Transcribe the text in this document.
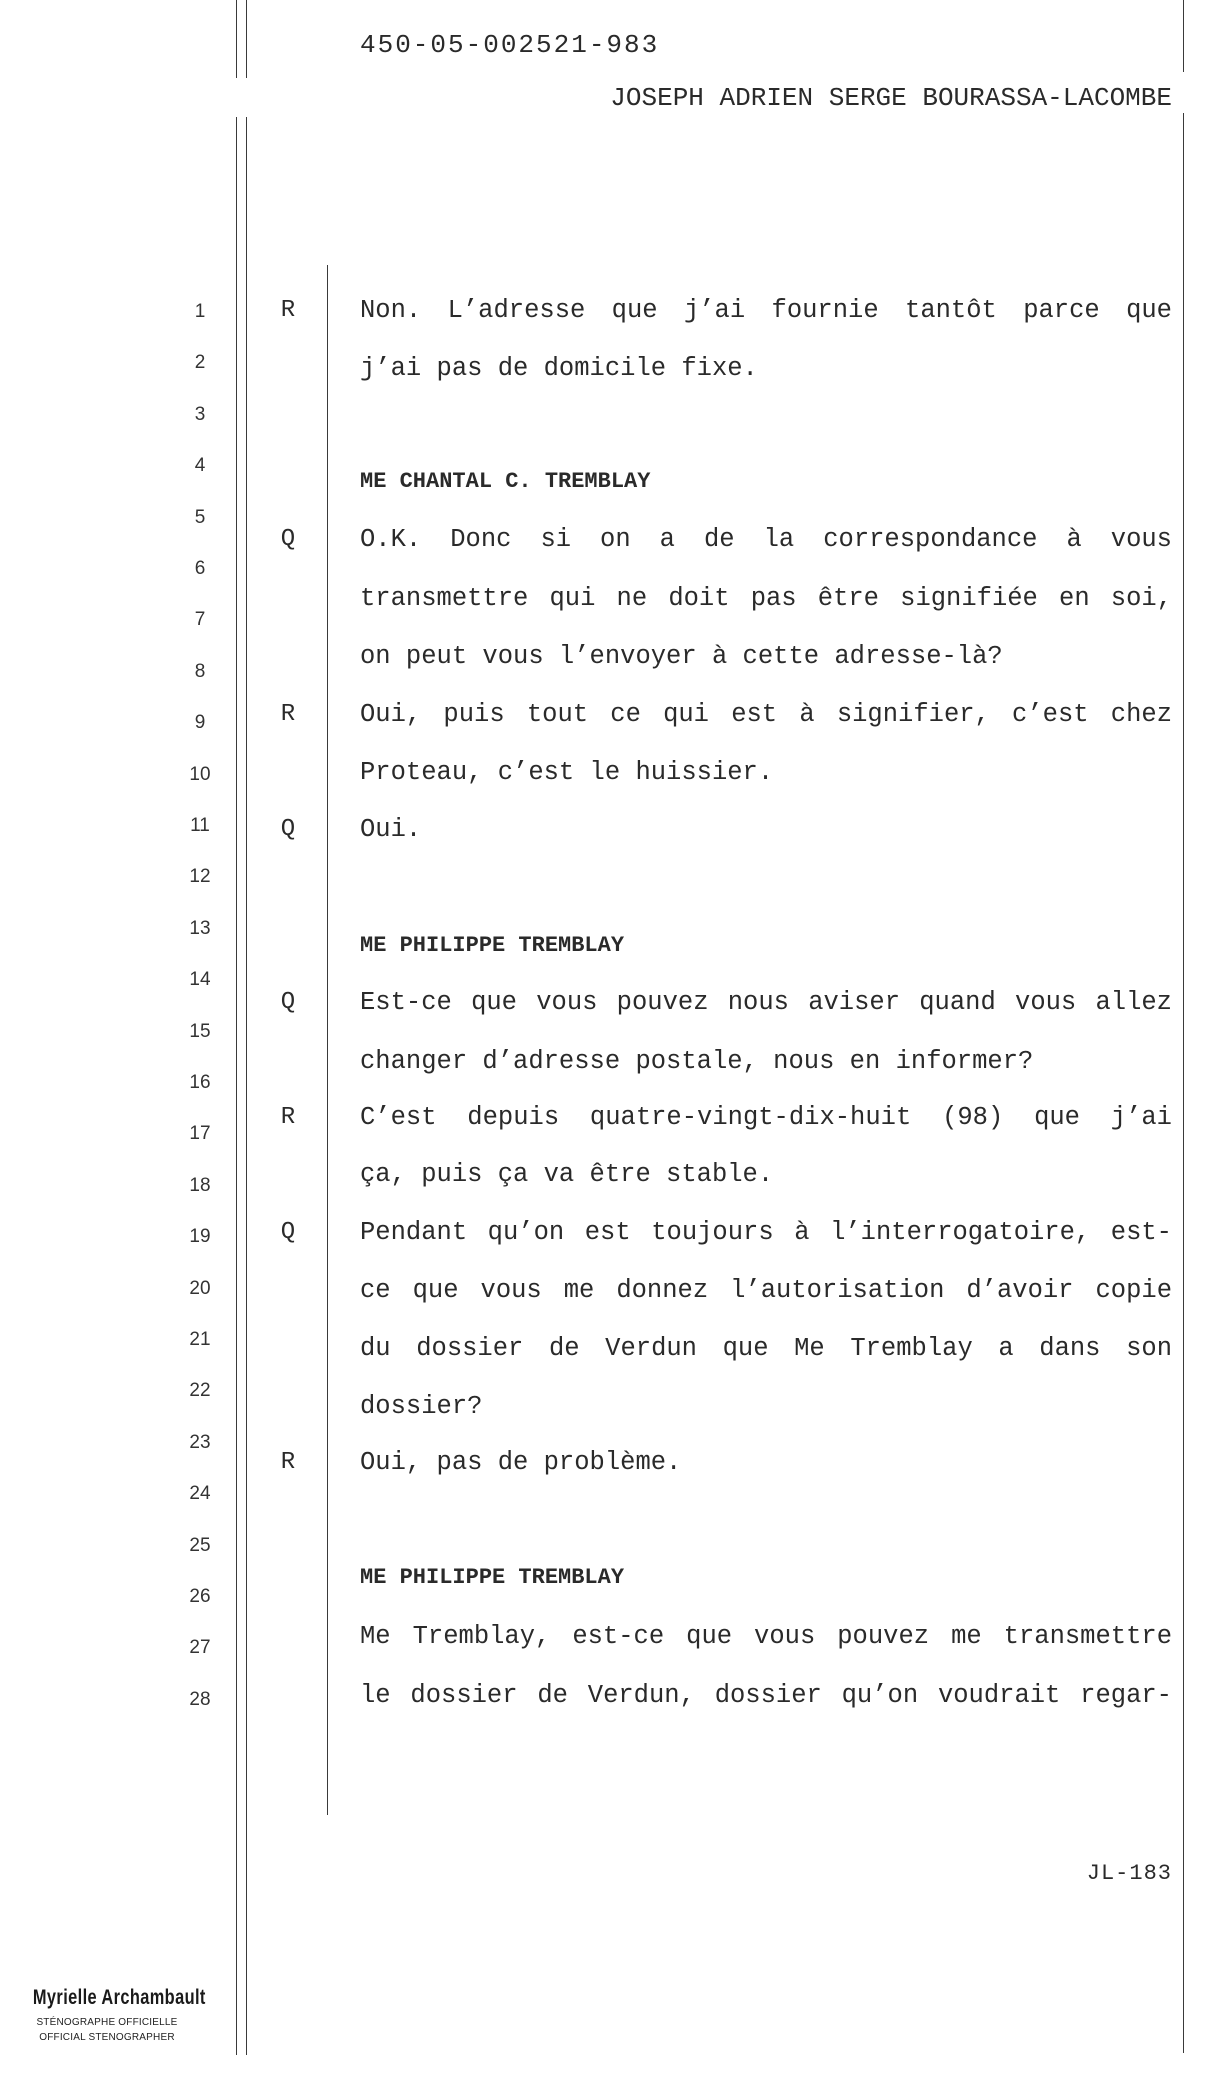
450-05-002521-983
JOSEPH ADRIEN SERGE BOURASSA-LACOMBE
1
2
3
4
5
6
7
8
9
10
11
12
13
14
15
16
17
18
19
20
21
22
23
24
25
26
27
28
R	Non. L’adresse que j’ai fournie tantôt parce que
j’ai pas de domicile fixe.
ME CHANTAL C. TREMBLAY
Q	O.K. Donc si on a de la correspondance à vous
transmettre qui ne doit pas être signifiée en soi,
on peut vous l’envoyer à cette adresse-là?
R	Oui, puis tout ce qui est à signifier, c’est chez
Proteau, c’est le huissier.
Q	Oui.
ME PHILIPPE TREMBLAY
Q	Est-ce que vous pouvez nous aviser quand vous allez
changer d’adresse postale, nous en informer?
R	C’est depuis quatre-vingt-dix-huit (98) que j’ai
ça, puis ça va être stable.
Q	Pendant qu’on est toujours à l’interrogatoire, est-
ce que vous me donnez l’autorisation d’avoir copie
du dossier de Verdun que Me Tremblay a dans son
dossier?
R	Oui, pas de problème.
ME PHILIPPE TREMBLAY
Me Tremblay, est-ce que vous pouvez me transmettre
le dossier de Verdun, dossier qu’on voudrait regar-
JL-183
Myrielle Archambault
STÉNOGRAPHE OFFICIELLE
OFFICIAL STENOGRAPHER
